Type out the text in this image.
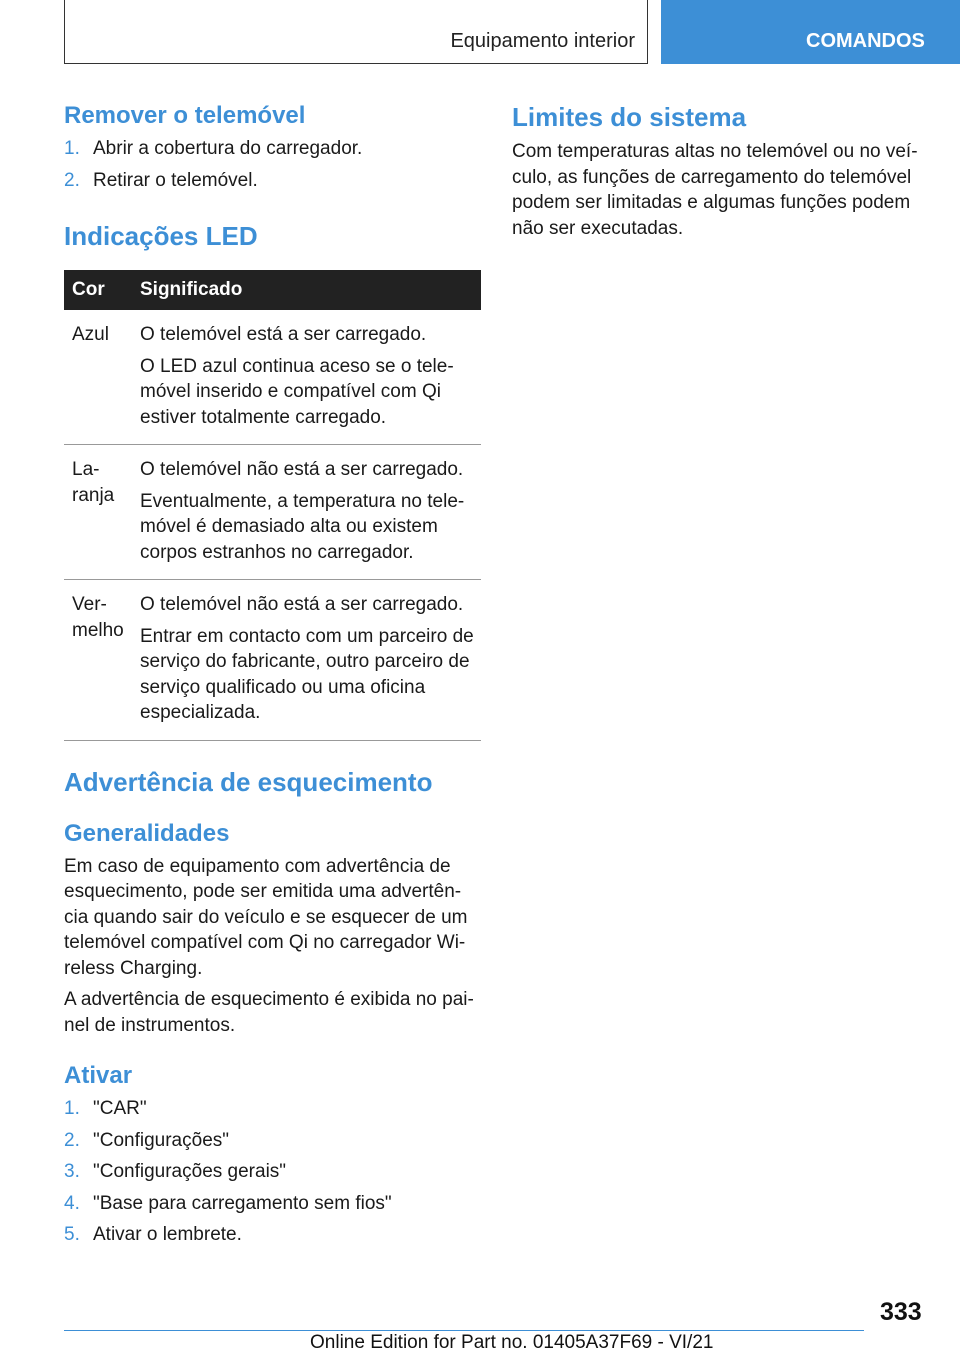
Equipamento interior	COMANDOS
Remover o telemóvel
1. Abrir a cobertura do carregador.
2. Retirar o telemóvel.
Indicações LED
Cor	Significado
Azul	O telemóvel está a ser carregado.

O LED azul continua aceso se o tele‐ móvel inserido e compatível com Qi estiver totalmente carregado.

La‐ ranja	O telemóvel não está a ser carregado.

Eventualmente, a temperatura no tele‐ móvel é demasiado alta ou existem corpos estranhos no carregador.

Ver‐ melho	O telemóvel não está a ser carregado.

Entrar em contacto com um parceiro de serviço do fabricante, outro parceiro de serviço qualificado ou uma oficina especializada.

Advertência de esquecimento
Generalidades

Em caso de equipamento com advertência de esquecimento, pode ser emitida uma advertên‐ cia quando sair do veículo e se esquecer de um telemóvel compatível com Qi no carregador Wi‐ reless Charging.

A advertência de esquecimento é exibida no pai‐ nel de instrumentos.

Ativar
1. "CAR"
2. "Configurações"
3. "Configurações gerais"
4. "Base para carregamento sem fios"
5. Ativar o lembrete.
Limites do sistema

Com temperaturas altas no telemóvel ou no veí‐ culo, as funções de carregamento do telemóvel podem ser limitadas e algumas funções podem não ser executadas.

333
Online Edition for Part no. 01405A37F69 - VI/21
